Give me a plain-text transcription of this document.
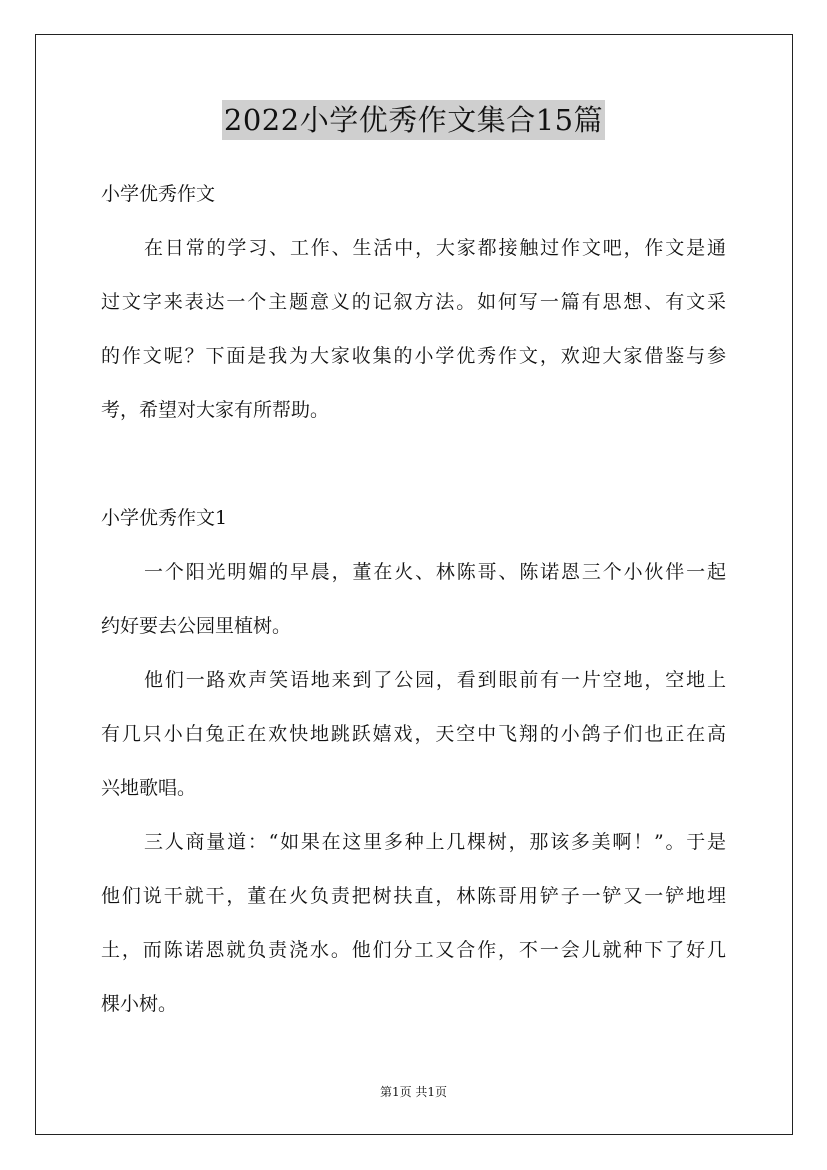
2022小学优秀作文集合15篇
小学优秀作文
在日常的学习、工作、生活中，大家都接触过作文吧，作文是通
过文字来表达一个主题意义的记叙方法。如何写一篇有思想、有文采
的作文呢？下面是我为大家收集的小学优秀作文，欢迎大家借鉴与参
考，希望对大家有所帮助。
小学优秀作文1
一个阳光明媚的早晨，董在火、林陈哥、陈诺恩三个小伙伴一起
约好要去公园里植树。
他们一路欢声笑语地来到了公园，看到眼前有一片空地，空地上
有几只小白兔正在欢快地跳跃嬉戏，天空中飞翔的小鸽子们也正在高
兴地歌唱。
三人商量道：“如果在这里多种上几棵树，那该多美啊！”。于是
他们说干就干，董在火负责把树扶直，林陈哥用铲子一铲又一铲地埋
土，而陈诺恩就负责浇水。他们分工又合作，不一会儿就种下了好几
棵小树。
第1页 共1页
